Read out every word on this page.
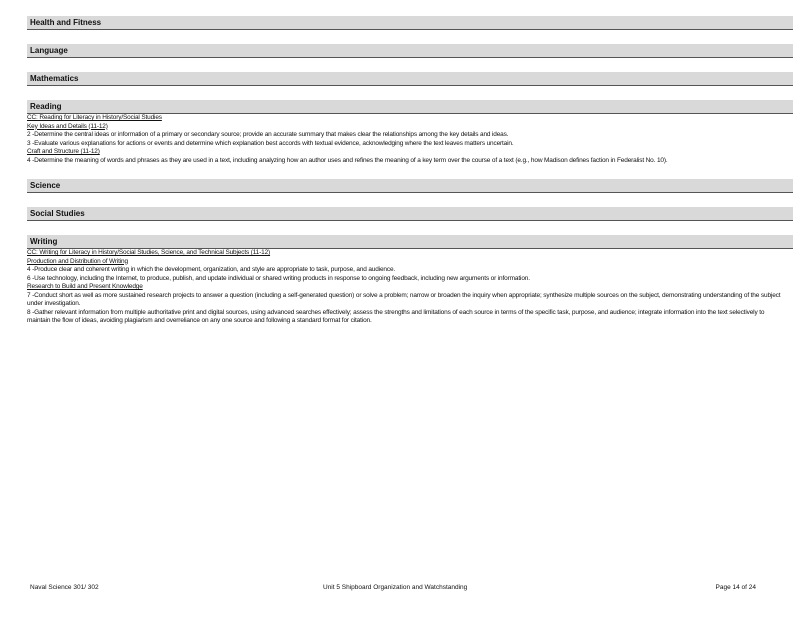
Health and Fitness
Language
Mathematics
Reading
CC: Reading for Literacy in History/Social Studies
Key Ideas and Details (11-12)
2 -Determine the central ideas or information of a primary or secondary source; provide an accurate summary that makes clear the relationships among the key details and ideas.
3 -Evaluate various explanations for actions or events and determine which explanation best accords with textual evidence, acknowledging where the text leaves matters uncertain.
Craft and Structure (11-12)
4 -Determine the meaning of words and phrases as they are used in a text, including analyzing how an author uses and refines the meaning of a key term over the course of a text (e.g., how Madison defines faction in Federalist No. 10).
Science
Social Studies
Writing
CC: Writing for Literacy in History/Social Studies, Science, and Technical Subjects (11-12)
Production and Distribution of Writing
4 -Produce clear and coherent writing in which the development, organization, and style are appropriate to task, purpose, and audience.
6 -Use technology, including the Internet, to produce, publish, and update individual or shared writing products in response to ongoing feedback, including new arguments or information.
Research to Build and Present Knowledge
7 -Conduct short as well as more sustained research projects to answer a question (including a self-generated question) or solve a problem; narrow or broaden the inquiry when appropriate; synthesize multiple sources on the subject, demonstrating understanding of the subject under investigation.
8 -Gather relevant information from multiple authoritative print and digital sources, using advanced searches effectively; assess the strengths and limitations of each source in terms of the specific task, purpose, and audience; integrate information into the text selectively to maintain the flow of ideas, avoiding plagiarism and overreliance on any one source and following a standard format for citation.
Naval Science 301/ 302	Unit 5 Shipboard Organization and Watchstanding	Page 14 of 24
